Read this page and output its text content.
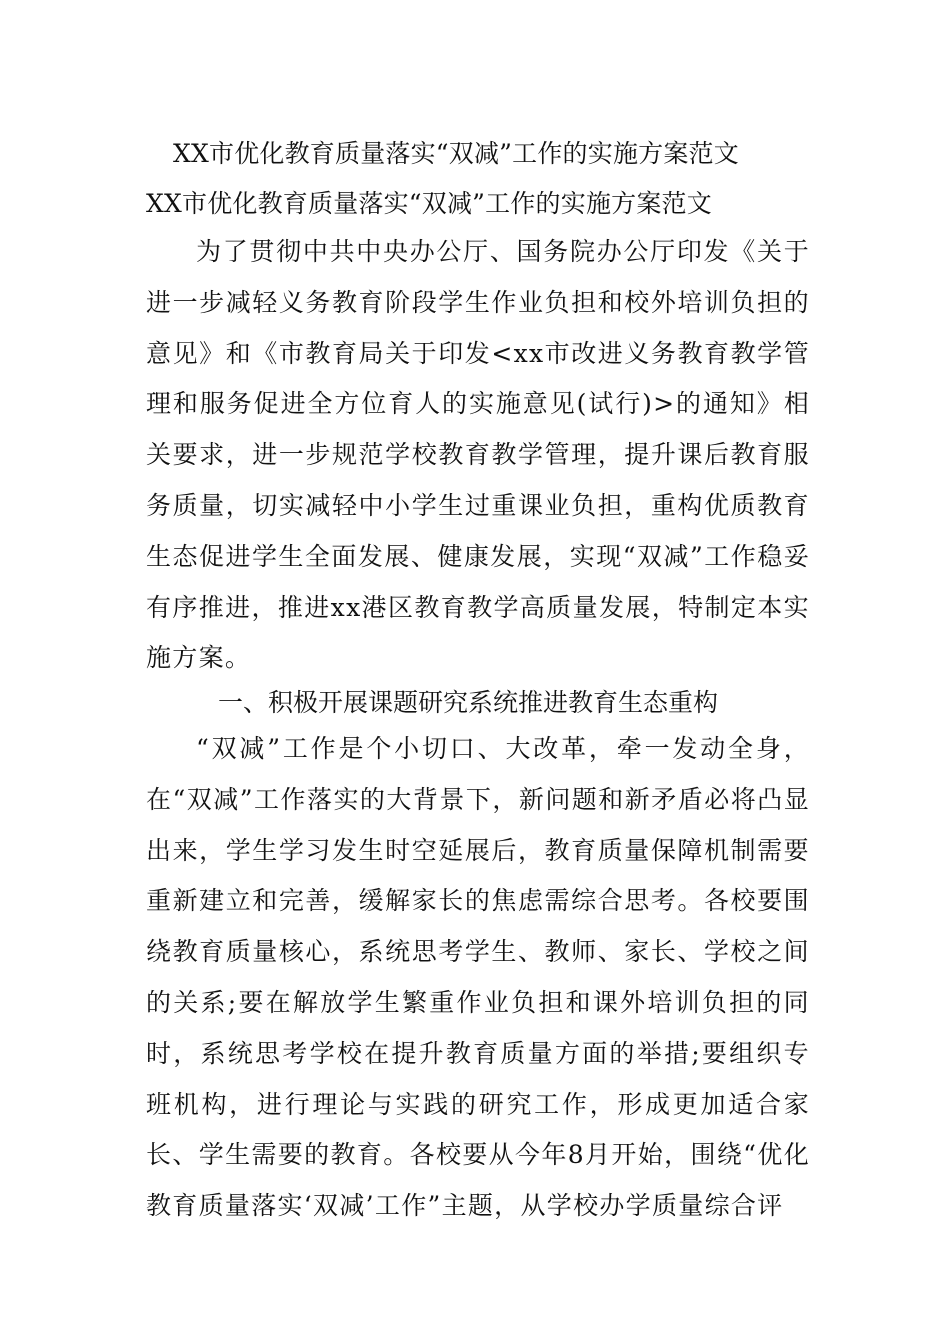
XX市优化教育质量落实“双减”工作的实施方案范文
XX市优化教育质量落实“双减”工作的实施方案范文

为了贯彻中共中央办公厅、国务院办公厅印发《关于进一步减轻义务教育阶段学生作业负担和校外培训负担的意见》和《市教育局关于印发<xx市改进义务教育教学管理和服务促进全方位育人的实施意见(试行)>的通知》相关要求，进一步规范学校教育教学管理，提升课后教育服务质量，切实减轻中小学生过重课业负担，重构优质教育生态促进学生全面发展、健康发展，实现“双减”工作稳妥有序推进，推进xx港区教育教学高质量发展，特制定本实施方案。

一、积极开展课题研究系统推进教育生态重构

“双减”工作是个小切口、大改革，牵一发动全身，在“双减”工作落实的大背景下，新问题和新矛盾必将凸显出来，学生学习发生时空延展后，教育质量保障机制需要重新建立和完善，缓解家长的焦虑需综合思考。各校要围绕教育质量核心，系统思考学生、教师、家长、学校之间的关系;要在解放学生繁重作业负担和课外培训负担的同时，系统思考学校在提升教育质量方面的举措;要组织专班机构，进行理论与实践的研究工作，形成更加适合家长、学生需要的教育。各校要从今年8月开始，围绕“优化教育质量落实‘双减’工作”主题，从学校办学质量综合评
